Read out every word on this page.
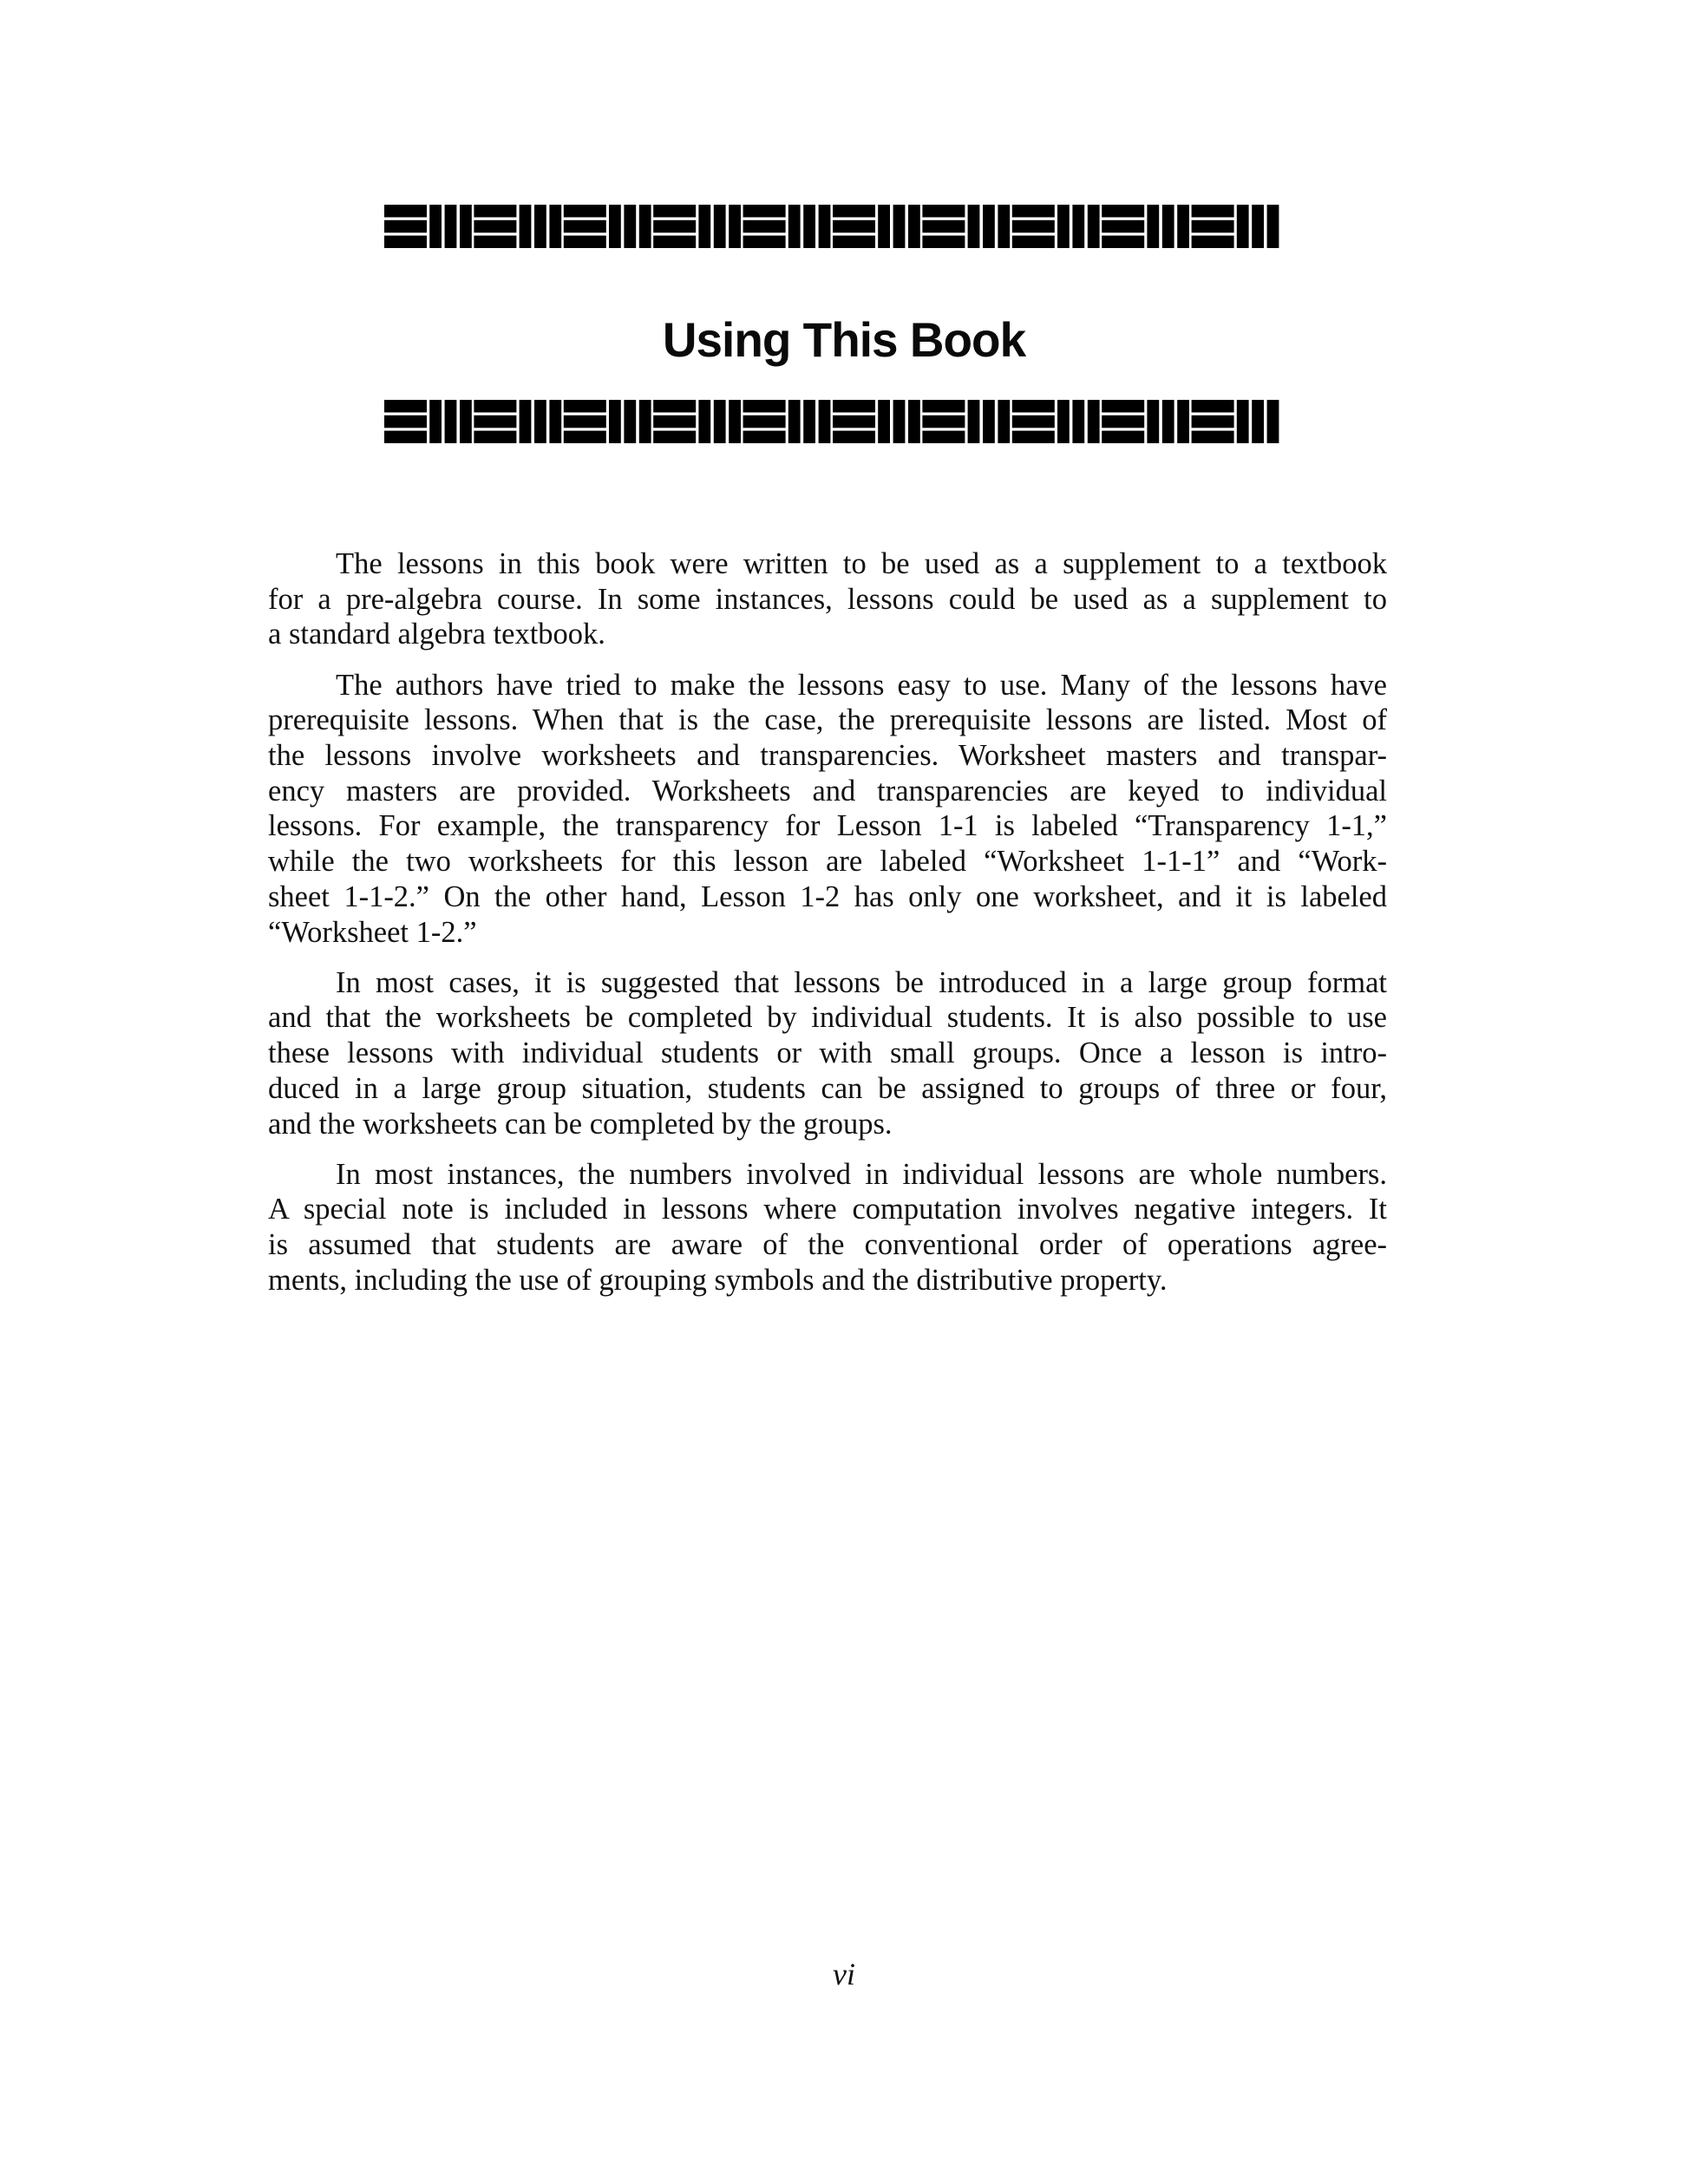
Using This Book

The lessons in this book were written to be used as a supplement to a textbook
for a pre-algebra course. In some instances, lessons could be used as a supplement to
a standard algebra textbook.

The authors have tried to make the lessons easy to use. Many of the lessons have
prerequisite lessons. When that is the case, the prerequisite lessons are listed. Most of
the lessons involve worksheets and transparencies. Worksheet masters and transpar-
ency masters are provided. Worksheets and transparencies are keyed to individual
lessons. For example, the transparency for Lesson 1-1 is labeled “Transparency 1-1,”
while the two worksheets for this lesson are labeled “Worksheet 1-1-1” and “Work-
sheet 1-1-2.” On the other hand, Lesson 1-2 has only one worksheet, and it is labeled
“Worksheet 1-2.”

In most cases, it is suggested that lessons be introduced in a large group format
and that the worksheets be completed by individual students. It is also possible to use
these lessons with individual students or with small groups. Once a lesson is intro-
duced in a large group situation, students can be assigned to groups of three or four,
and the worksheets can be completed by the groups.

In most instances, the numbers involved in individual lessons are whole numbers.
A special note is included in lessons where computation involves negative integers. It
is assumed that students are aware of the conventional order of operations agree-
ments, including the use of grouping symbols and the distributive property.

vi
